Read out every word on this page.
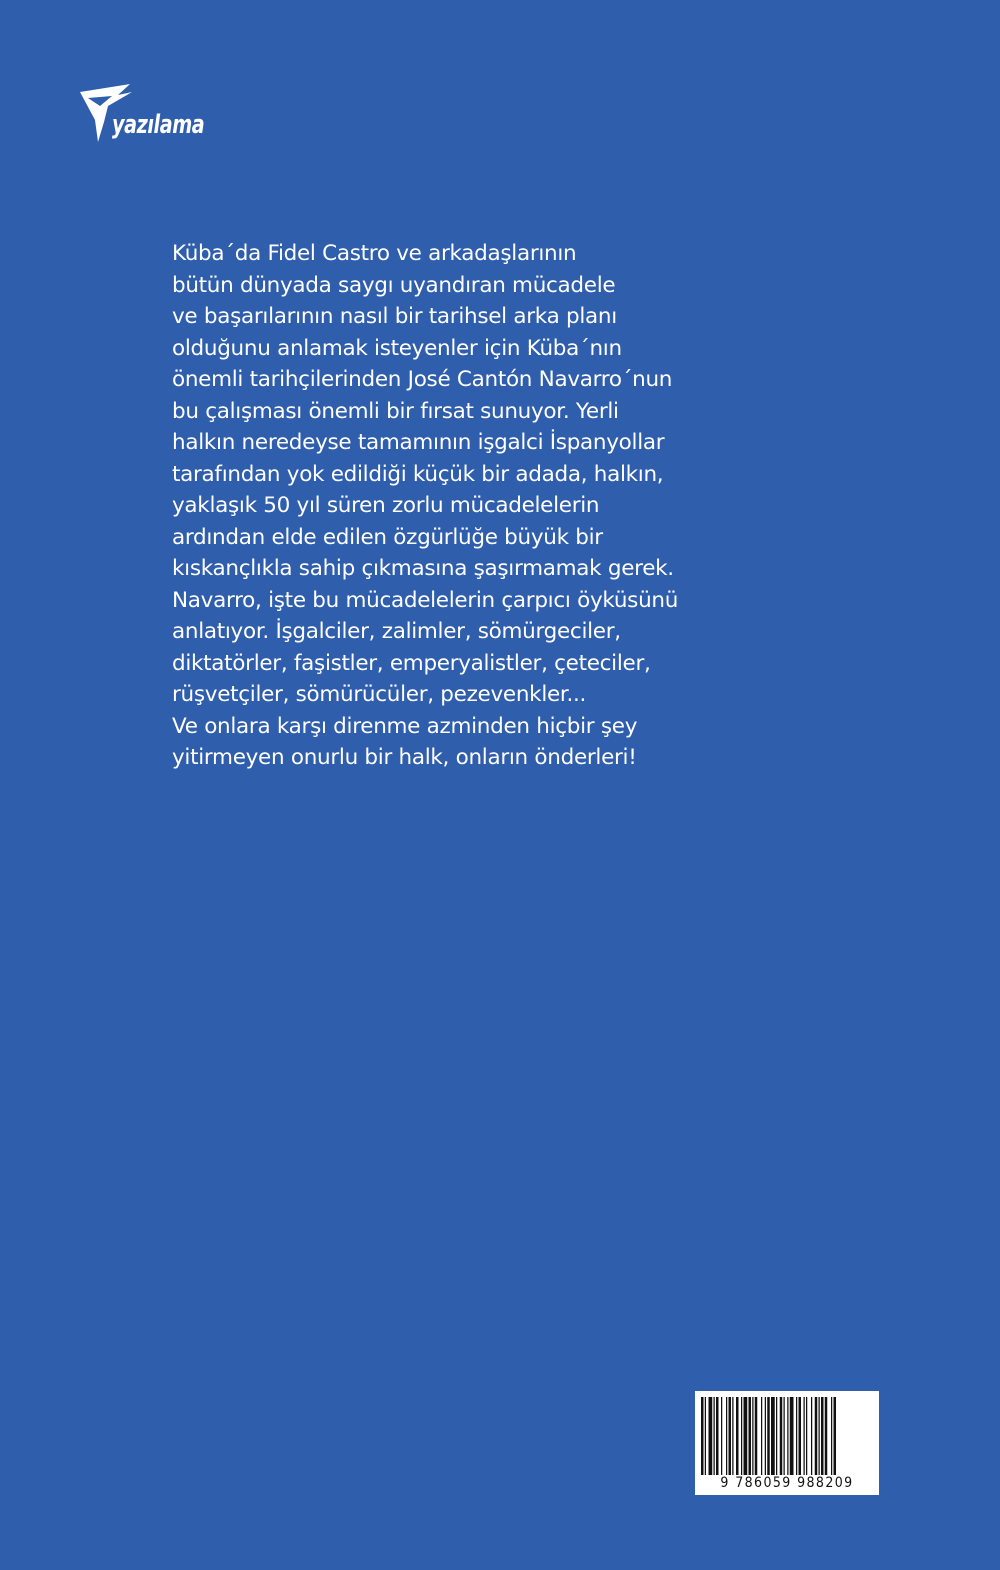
yazılama
Küba´da Fidel Castro ve arkadaşlarının
bütün dünyada saygı uyandıran mücadele
ve başarılarının nasıl bir tarihsel arka planı
olduğunu anlamak isteyenler için Küba´nın
önemli tarihçilerinden José Cantón Navarro´nun
bu çalışması önemli bir fırsat sunuyor. Yerli
halkın neredeyse tamamının işgalci İspanyollar
tarafından yok edildiği küçük bir adada, halkın,
yaklaşık 50 yıl süren zorlu mücadelelerin
ardından elde edilen özgürlüğe büyük bir
kıskançlıkla sahip çıkmasına şaşırmamak gerek.
Navarro, işte bu mücadelelerin çarpıcı öyküsünü
anlatıyor. İşgalciler, zalimler, sömürgeciler,
diktatörler, faşistler, emperyalistler, çeteciler,
rüşvetçiler, sömürücüler, pezevenkler...
Ve onlara karşı direnme azminden hiçbir şey
yitirmeyen onurlu bir halk, onların önderleri!
9 786059 988209
